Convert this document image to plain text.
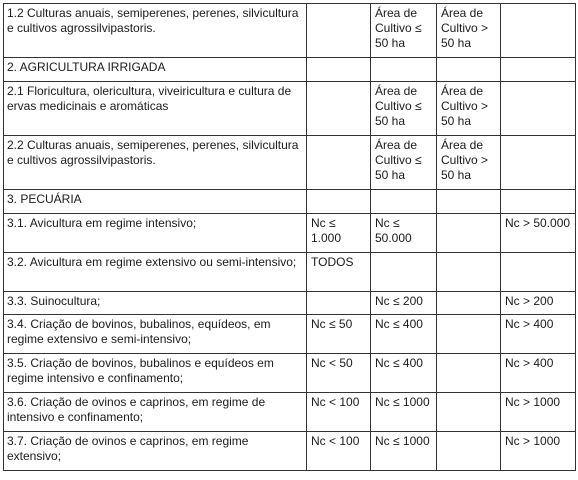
1.2 Culturas anuais, semiperenes, perenes, silvicultura e cultivos agrossilvipastoris.		Área de Cultivo ≤ 50 ha	Área de Cultivo > 50 ha	
2. AGRICULTURA IRRIGADA				
2.1 Floricultura, olericultura, viveiricultura e cultura de ervas medicinais e aromáticas		Área de Cultivo ≤ 50 ha	Área de Cultivo > 50 ha	
2.2 Culturas anuais, semiperenes, perenes, silvicultura e cultivos agrossilvipastoris.		Área de Cultivo ≤ 50 ha	Área de Cultivo > 50 ha	
3. PECUÁRIA				
3.1. Avicultura em regime intensivo;	Nc ≤ 1.000	Nc ≤ 50.000		Nc > 50.000
3.2. Avicultura em regime extensivo ou semi-intensivo;	TODOS			
3.3. Suinocultura;		Nc ≤ 200		Nc > 200
3.4. Criação de bovinos, bubalinos, equídeos, em regime extensivo e semi-intensivo;	Nc ≤ 50	Nc ≤ 400		Nc > 400
3.5. Criação de bovinos, bubalinos e equídeos em regime intensivo e confinamento;	Nc < 50	Nc ≤ 400		Nc > 400
3.6. Criação de ovinos e caprinos, em regime de intensivo e confinamento;	Nc < 100	Nc ≤ 1000		Nc > 1000
3.7. Criação de ovinos e caprinos, em regime extensivo;	Nc < 100	Nc ≤ 1000		Nc > 1000
